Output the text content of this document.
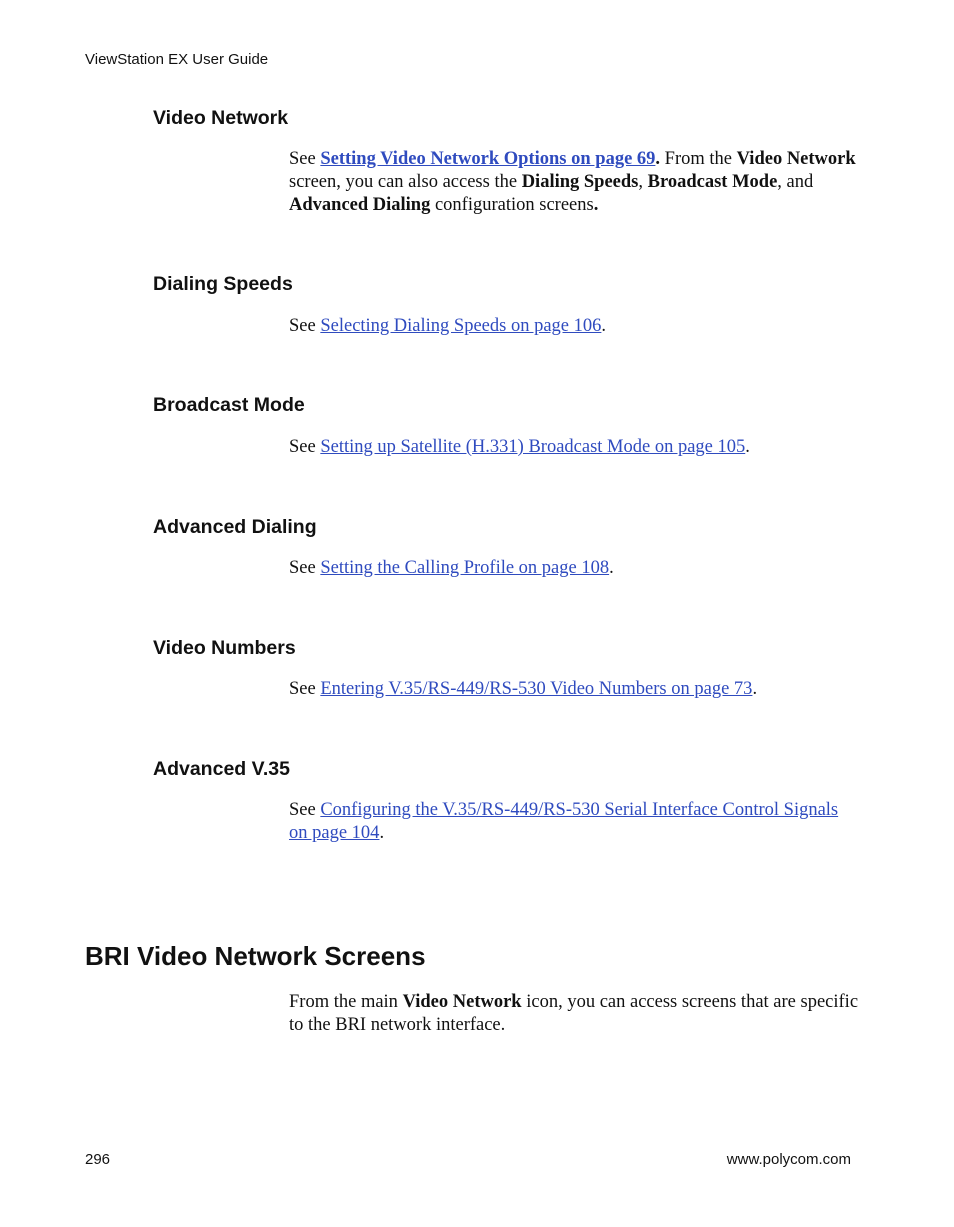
ViewStation EX User Guide
Video Network

See Setting Video Network Options on page 69. From the Video Network screen, you can also access the Dialing Speeds, Broadcast Mode, and Advanced Dialing configuration screens.

Dialing Speeds

See Selecting Dialing Speeds on page 106.

Broadcast Mode

See Setting up Satellite (H.331) Broadcast Mode on page 105.

Advanced Dialing

See Setting the Calling Profile on page 108.

Video Numbers

See Entering V.35/RS-449/RS-530 Video Numbers on page 73.

Advanced V.35

See Configuring the V.35/RS-449/RS-530 Serial Interface Control Signals on page 104.

BRI Video Network Screens

From the main Video Network icon, you can access screens that are specific to the BRI network interface.

296	www.polycom.com
